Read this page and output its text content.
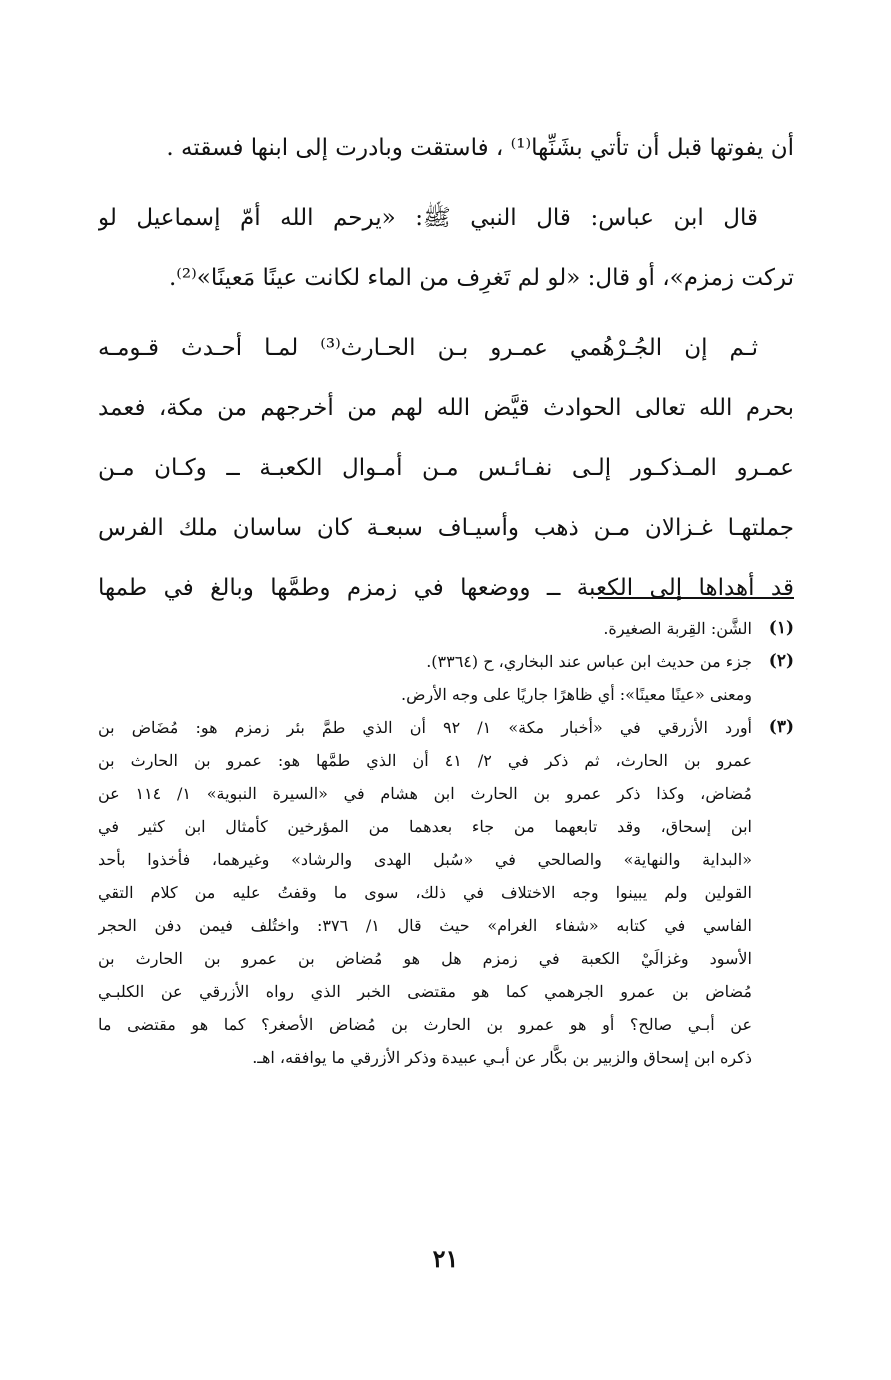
أن يفوتها قبل أن تأتي بشَنِّها⁽¹⁾ ، فاستقت وبادرت إلى ابنها فسقته .
قال ابن عباس: قال النبي ﷺ: «يرحم الله أمّ إسماعيل لو
تركت زمزم»، أو قال: «لو لم تَغرِف من الماء لكانت عينًا مَعينًا»⁽²⁾.
ثـم إن الجُـرْهُمي عمـرو بـن الحـارث⁽³⁾ لمـا أحـدث قـومـه
بحرم الله تعالى الحوادث قيَّض الله لهم من أخرجهم من مكة، فعمد
عمـرو المـذكـور إلـى نفـائـس مـن أمـوال الكعبـة ــ وكـان مـن
جملتهـا غـزالان مـن ذهب وأسيـاف سبعـة كان ساسان ملك الفرس
قد أهداها إلى الكعبة ــ ووضعها في زمزم وطمَّها وبالغ في طمها
(١)
الشَّن: القِربة الصغيرة.
(٢)
جزء من حديث ابن عباس عند البخاري، ح (٣٣٦٤).
ومعنى «عينًا معينًا»: أي ظاهرًا جاريًا على وجه الأرض.
(٣)
أورد الأزرقي في «أخبار مكة» ١/ ٩٢ أن الذي طمَّ بئر زمزم هو: مُضَاض بن
عمرو بن الحارث، ثم ذكر في ٢/ ٤١ أن الذي طمَّها هو: عمرو بن الحارث بن
مُضاض، وكذا ذكر عمرو بن الحارث ابن هشام في «السيرة النبوية» ١/ ١١٤ عن
ابن إسحاق، وقد تابعهما من جاء بعدهما من المؤرخين كأمثال ابن كثير في
«البداية والنهاية» والصالحي في «سُبل الهدى والرشاد» وغيرهما، فأخذوا بأحد
القولين ولم يبينوا وجه الاختلاف في ذلك، سوى ما وقفتُ عليه من كلام التقي
الفاسي في كتابه «شفاء الغرام» حيث قال ١/ ٣٧٦: واختُلف فيمن دفن الحجر
الأسود وغزالَيْ الكعبة في زمزم هل هو مُضاض بن عمرو بن الحارث بن
مُضاض بن عمرو الجرهمي كما هو مقتضى الخبر الذي رواه الأزرقي عن الكلبـي
عن أبـي صالح؟ أو هو عمرو بن الحارث بن مُضاض الأصغر؟ كما هو مقتضى ما
ذكره ابن إسحاق والزبير بن بكَّار عن أبـي عبيدة وذكر الأزرقي ما يوافقه، اهـ.
٢١
